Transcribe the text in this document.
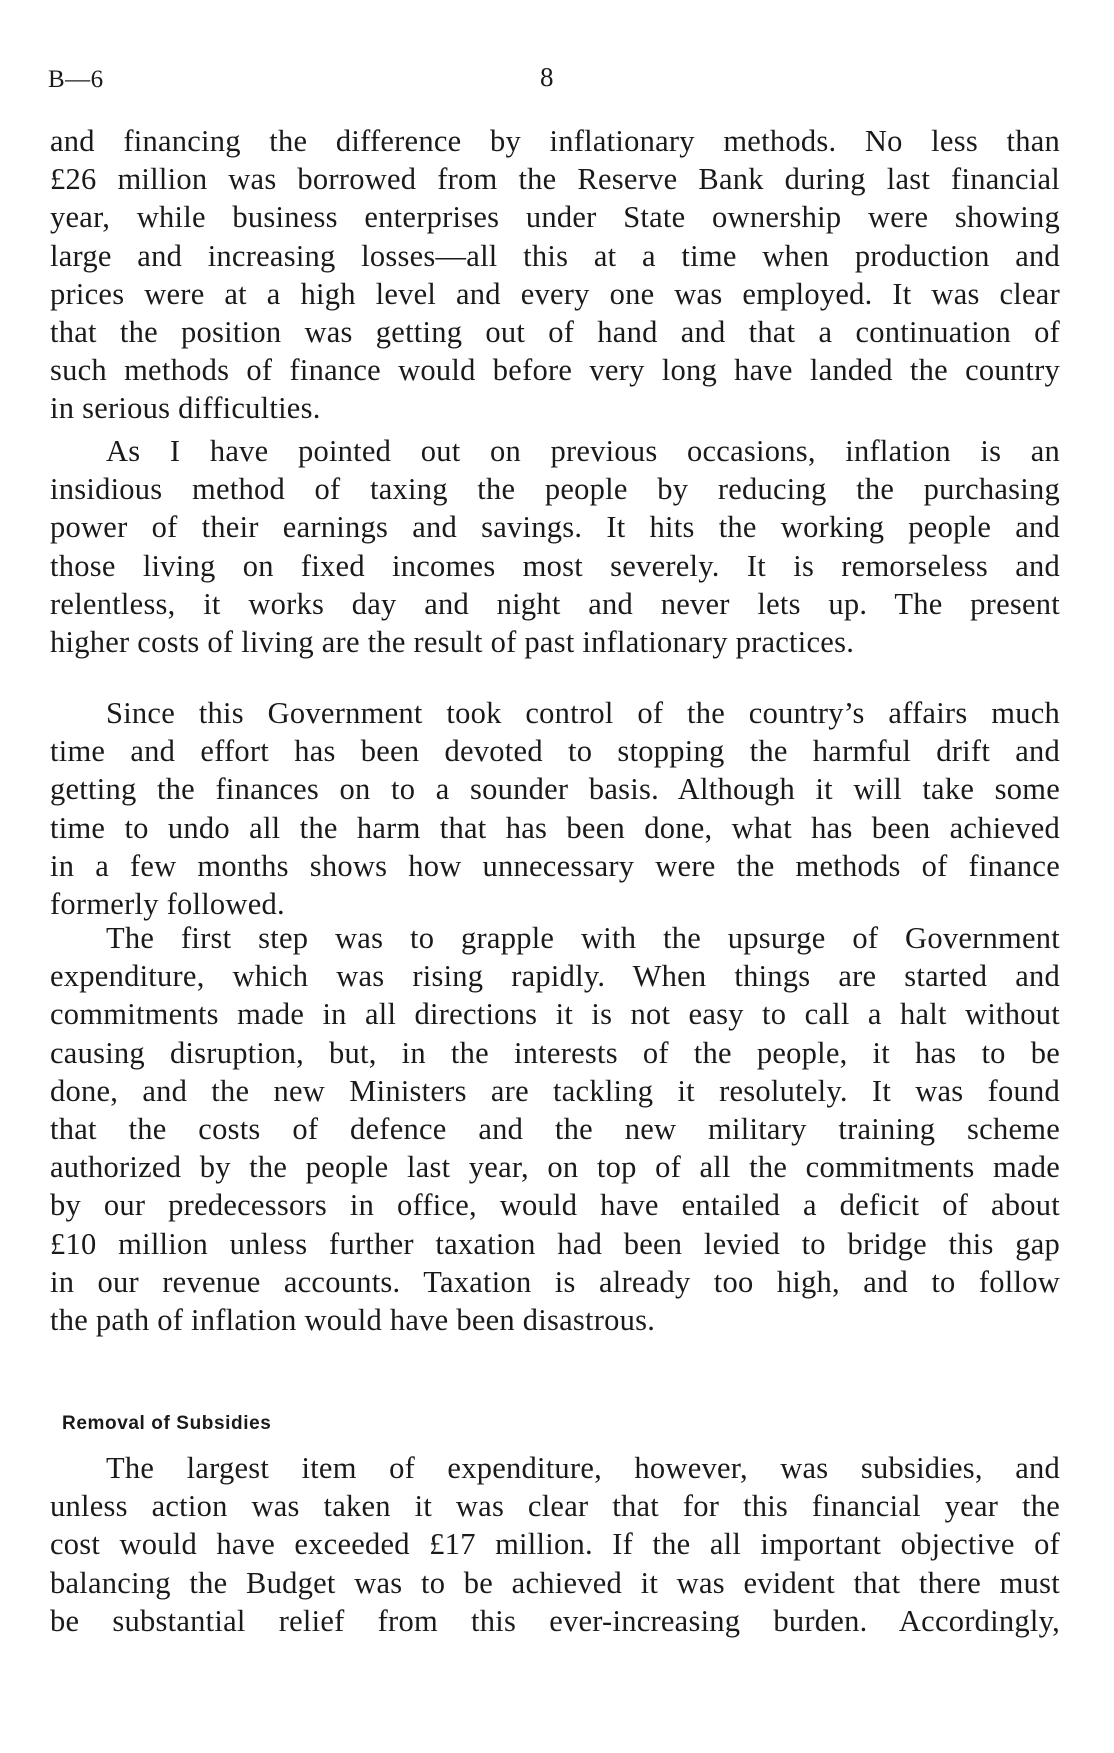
B—6	8

and financing the difference by inflationary methods. No less than
£26 million was borrowed from the Reserve Bank during last financial
year, while business enterprises under State ownership were showing
large and increasing losses—all this at a time when production and
prices were at a high level and every one was employed. It was clear
that the position was getting out of hand and that a continuation of
such methods of finance would before very long have landed the country
in serious difficulties.

As I have pointed out on previous occasions, inflation is an
insidious method of taxing the people by reducing the purchasing
power of their earnings and savings. It hits the working people and
those living on fixed incomes most severely. It is remorseless and
relentless, it works day and night and never lets up. The present
higher costs of living are the result of past inflationary practices.

Since this Government took control of the country’s affairs much
time and effort has been devoted to stopping the harmful drift and
getting the finances on to a sounder basis. Although it will take some
time to undo all the harm that has been done, what has been achieved
in a few months shows how unnecessary were the methods of finance
formerly followed.

The first step was to grapple with the upsurge of Government
expenditure, which was rising rapidly. When things are started and
commitments made in all directions it is not easy to call a halt without
causing disruption, but, in the interests of the people, it has to be
done, and the new Ministers are tackling it resolutely. It was found
that the costs of defence and the new military training scheme
authorized by the people last year, on top of all the commitments made
by our predecessors in office, would have entailed a deficit of about
£10 million unless further taxation had been levied to bridge this gap
in our revenue accounts. Taxation is already too high, and to follow
the path of inflation would have been disastrous.

Removal of Subsidies

The largest item of expenditure, however, was subsidies, and
unless action was taken it was clear that for this financial year the
cost would have exceeded £17 million. If the all important objective of
balancing the Budget was to be achieved it was evident that there must
be substantial relief from this ever-increasing burden. Accordingly,
